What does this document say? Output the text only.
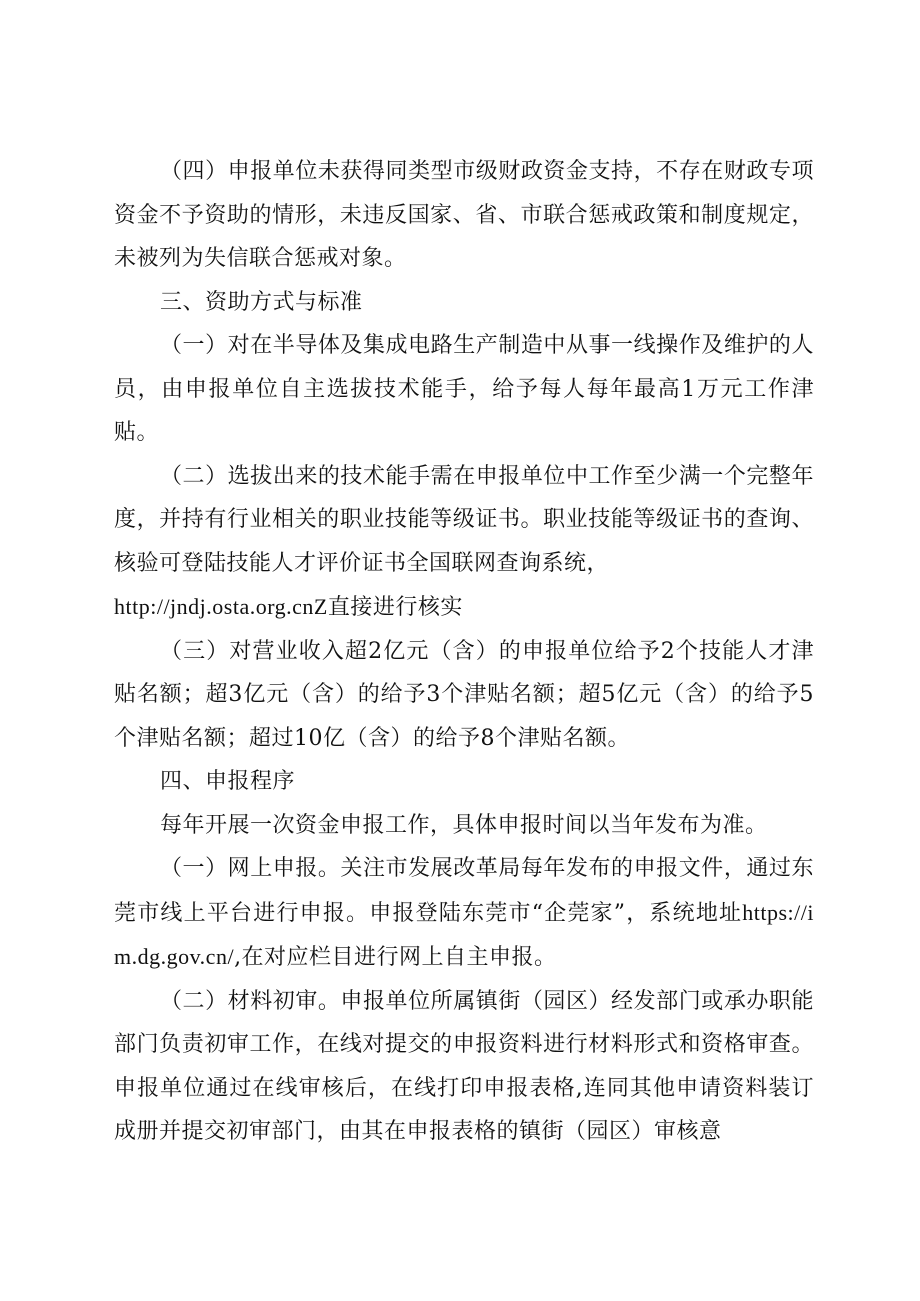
（四）申报单位未获得同类型市级财政资金支持，不存在财政专项资金不予资助的情形，未违反国家、省、市联合惩戒政策和制度规定，未被列为失信联合惩戒对象。

三、资助方式与标准

（一）对在半导体及集成电路生产制造中从事一线操作及维护的人员，由申报单位自主选拔技术能手，给予每人每年最高1万元工作津贴。

（二）选拔出来的技术能手需在申报单位中工作至少满一个完整年度，并持有行业相关的职业技能等级证书。职业技能等级证书的查询、核验可登陆技能人才评价证书全国联网查询系统，

http://jndj.osta.org.cnZ直接进行核实

（三）对营业收入超2亿元（含）的申报单位给予2个技能人才津贴名额；超3亿元（含）的给予3个津贴名额；超5亿元（含）的给予5个津贴名额；超过10亿（含）的给予8个津贴名额。

四、申报程序

每年开展一次资金申报工作，具体申报时间以当年发布为准。

（一）网上申报。关注市发展改革局每年发布的申报文件，通过东莞市线上平台进行申报。申报登陆东莞市“企莞家”，系统地址https://im.dg.gov.cn/,在对应栏目进行网上自主申报。

（二）材料初审。申报单位所属镇街（园区）经发部门或承办职能部门负责初审工作，在线对提交的申报资料进行材料形式和资格审查。申报单位通过在线审核后，在线打印申报表格,连同其他申请资料装订成册并提交初审部门，由其在申报表格的镇街（园区）审核意
